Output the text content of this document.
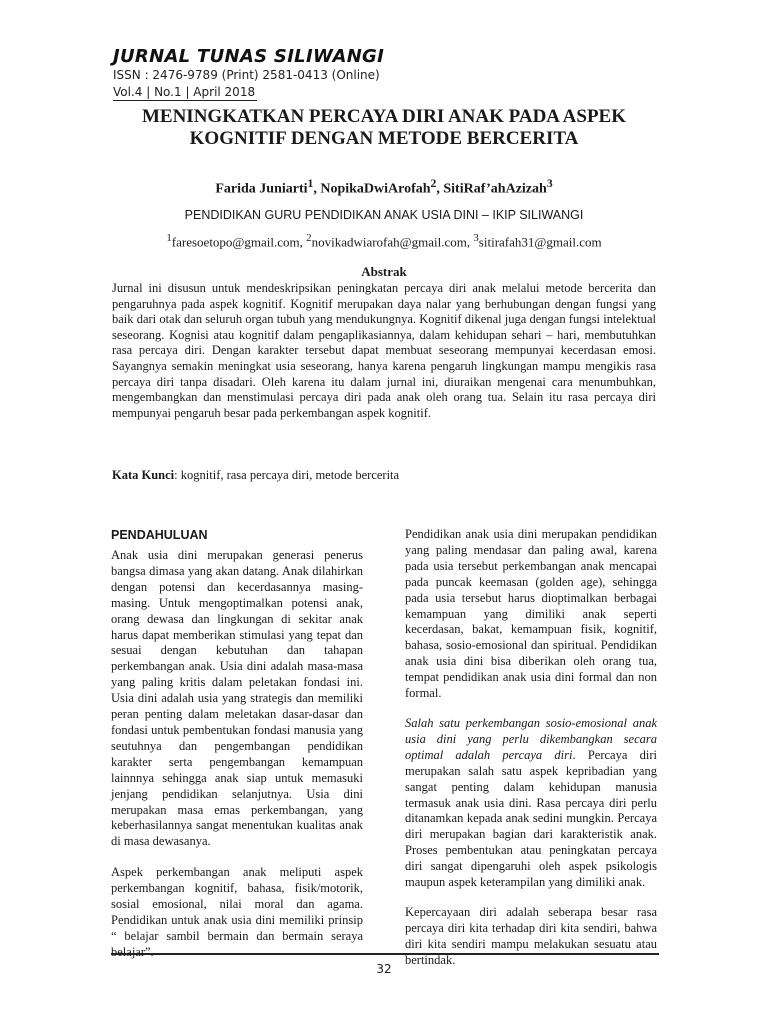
JURNAL TUNAS SILIWANGI
ISSN : 2476-9789 (Print) 2581-0413 (Online)
Vol.4 | No.1 | April 2018
MENINGKATKAN PERCAYA DIRI ANAK PADA ASPEK KOGNITIF DENGAN METODE BERCERITA
Farida Juniarti$^1$, NopikaDwiArofah$^2$, SitiRaf’ahAzizah$^3$
PENDIDIKAN GURU PENDIDIKAN ANAK USIA DINI – IKIP SILIWANGI
$^1$faresoetopo@gmail.com, $^2$novikadwiarofah@gmail.com, $^3$sitirafah31@gmail.com
Abstrak

Jurnal ini disusun untuk mendeskripsikan peningkatan percaya diri anak melalui metode bercerita dan pengaruhnya pada aspek kognitif. Kognitif merupakan daya nalar yang berhubungan dengan fungsi yang baik dari otak dan seluruh organ tubuh yang mendukungnya. Kognitif dikenal juga dengan fungsi intelektual seseorang. Kognisi atau kognitif dalam pengaplikasiannya, dalam kehidupan sehari – hari, membutuhkan rasa percaya diri. Dengan karakter tersebut dapat membuat seseorang mempunyai kecerdasan emosi. Sayangnya semakin meningkat usia seseorang, hanya karena pengaruh lingkungan mampu mengikis rasa percaya diri tanpa disadari. Oleh karena itu dalam jurnal ini, diuraikan mengenai cara menumbuhkan, mengembangkan dan menstimulasi percaya diri pada anak oleh orang tua. Selain itu rasa percaya diri mempunyai pengaruh besar pada perkembangan aspek kognitif.

Kata Kunci: kognitif, rasa percaya diri, metode bercerita
PENDAHULUAN

Anak usia dini merupakan generasi penerus bangsa dimasa yang akan datang. Anak dilahirkan dengan potensi dan kecerdasannya masing-masing. Untuk mengoptimalkan potensi anak, orang dewasa dan lingkungan di sekitar anak harus dapat memberikan stimulasi yang tepat dan sesuai dengan kebutuhan dan tahapan perkembangan anak. Usia dini adalah masa-masa yang paling kritis dalam peletakan fondasi ini. Usia dini adalah usia yang strategis dan memiliki peran penting dalam meletakan dasar-dasar dan fondasi untuk pembentukan fondasi manusia yang seutuhnya dan pengembangan pendidikan karakter serta pengembangan kemampuan lainnnya sehingga anak siap untuk memasuki jenjang pendidikan selanjutnya. Usia dini merupakan masa emas perkembangan, yang keberhasilannya sangat menentukan kualitas anak di masa dewasanya.

Aspek perkembangan anak meliputi aspek perkembangan kognitif, bahasa, fisik/motorik, sosial emosional, nilai moral dan agama. Pendidikan untuk anak usia dini memiliki prinsip “ belajar sambil bermain dan bermain seraya belajar”.

Pendidikan anak usia dini merupakan pendidikan yang paling mendasar dan paling awal, karena pada usia tersebut perkembangan anak mencapai pada puncak keemasan (golden age), sehingga pada usia tersebut harus dioptimalkan berbagai kemampuan yang dimiliki anak seperti kecerdasan, bakat, kemampuan fisik, kognitif, bahasa, sosio-emosional dan spiritual. Pendidikan anak usia dini bisa diberikan oleh orang tua, tempat pendidikan anak usia dini formal dan non formal.

Salah satu perkembangan sosio-emosional anak usia dini yang perlu dikembangkan secara optimal adalah percaya diri. Percaya diri merupakan salah satu aspek kepribadian yang sangat penting dalam kehidupan manusia termasuk anak usia dini. Rasa percaya diri perlu ditanamkan kepada anak sedini mungkin. Percaya diri merupakan bagian dari karakteristik anak. Proses pembentukan atau peningkatan percaya diri sangat dipengaruhi oleh aspek psikologis maupun aspek keterampilan yang dimiliki anak.

Kepercayaan diri adalah seberapa besar rasa percaya diri kita terhadap diri kita sendiri, bahwa diri kita sendiri mampu melakukan sesuatu atau bertindak.

32
